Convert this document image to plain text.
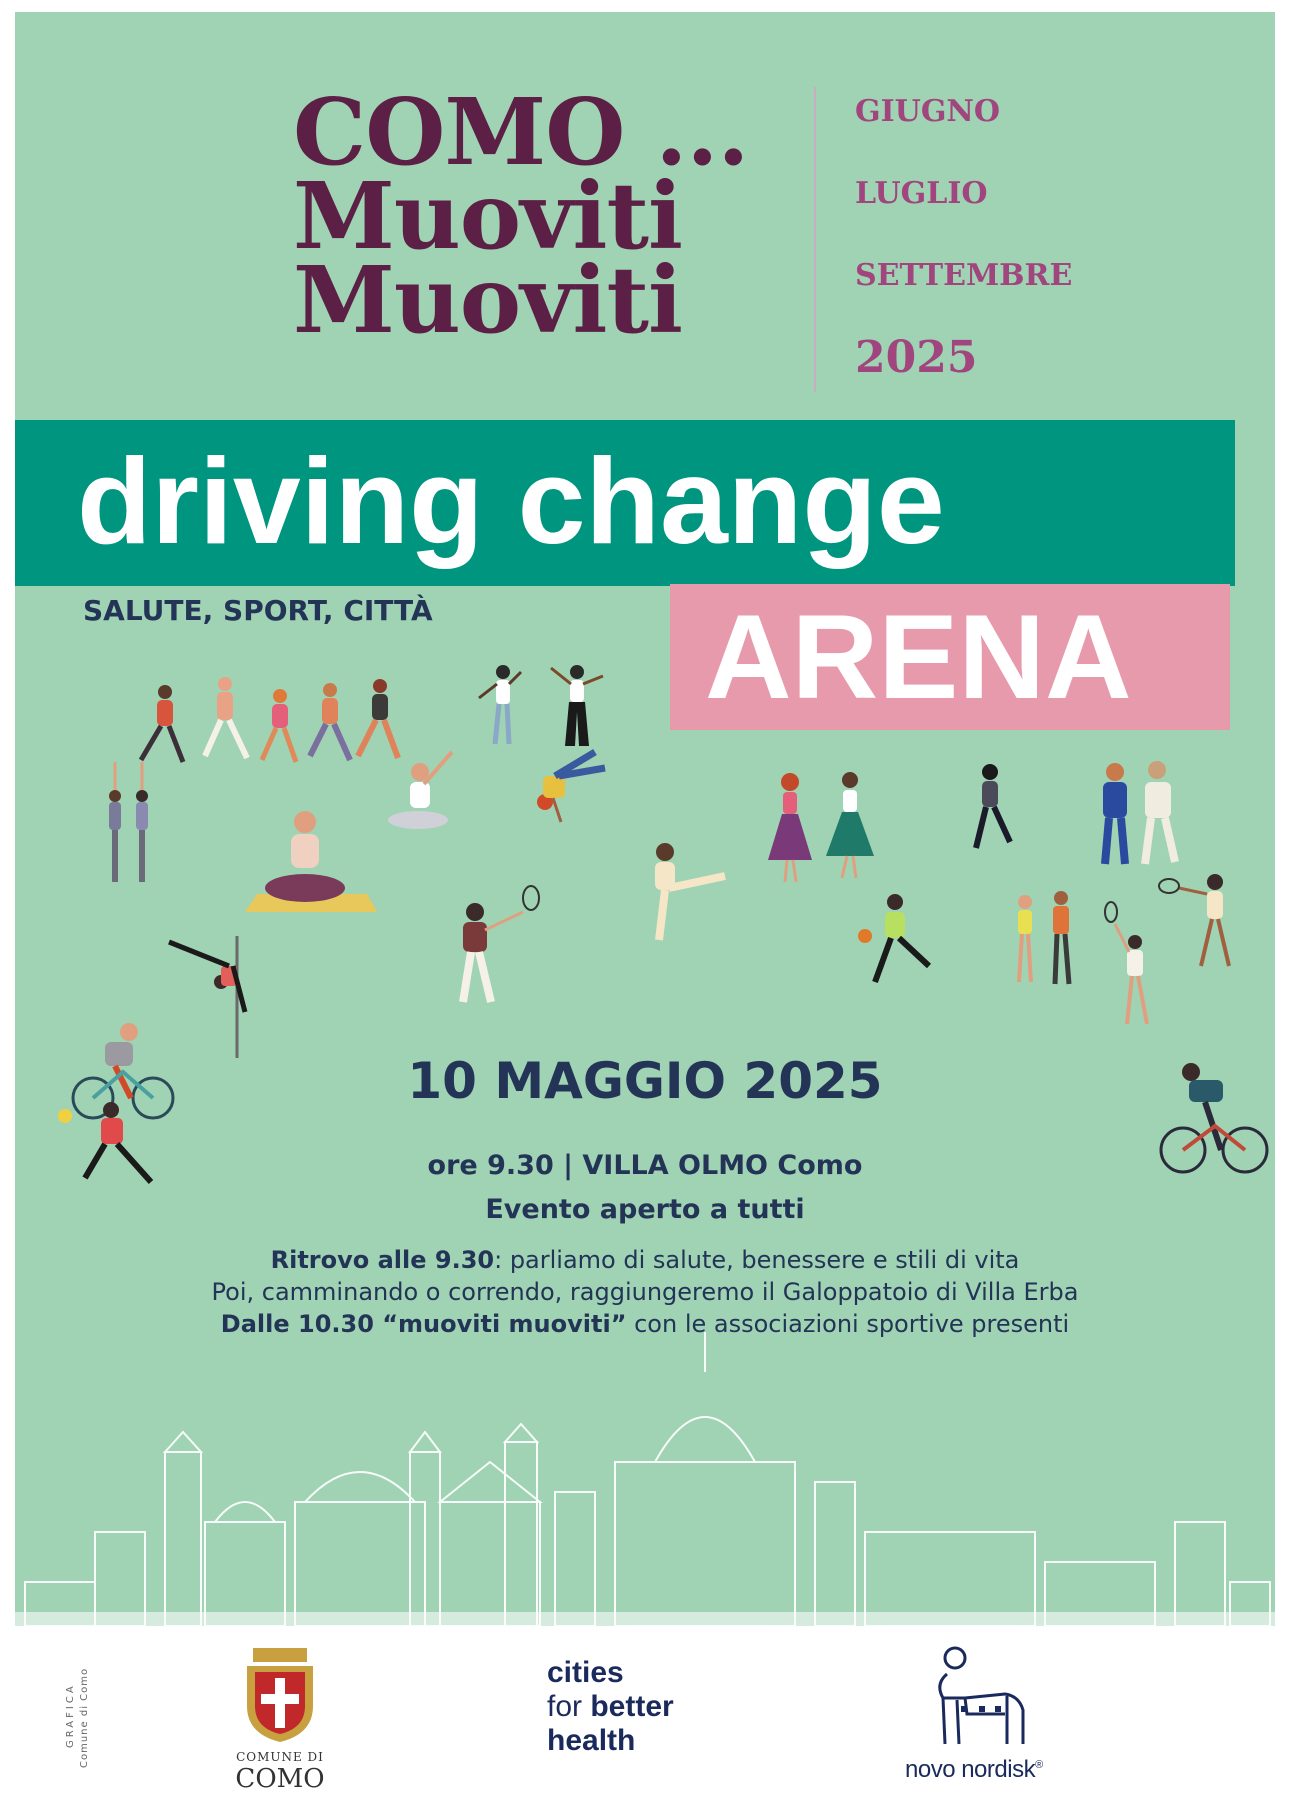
COMO ...
Muoviti
Muoviti
GIUGNO
LUGLIO
SETTEMBRE
2025
driving change
SALUTE, SPORT, CITTÀ ARENA
10 MAGGIO 2025
ore 9.30 | VILLA OLMO Como
Evento aperto a tutti
Ritrovo alle 9.30: parliamo di salute, benessere e stili di vita
Poi, camminando o correndo, raggiungeremo il Galoppatoio di Villa Erba
Dalle 10.30 “muoviti muoviti” con le associazioni sportive presenti
GRAFICA Comune di Como	COMUNE DI
COMO
cities
for better
health
novo nordisk®
